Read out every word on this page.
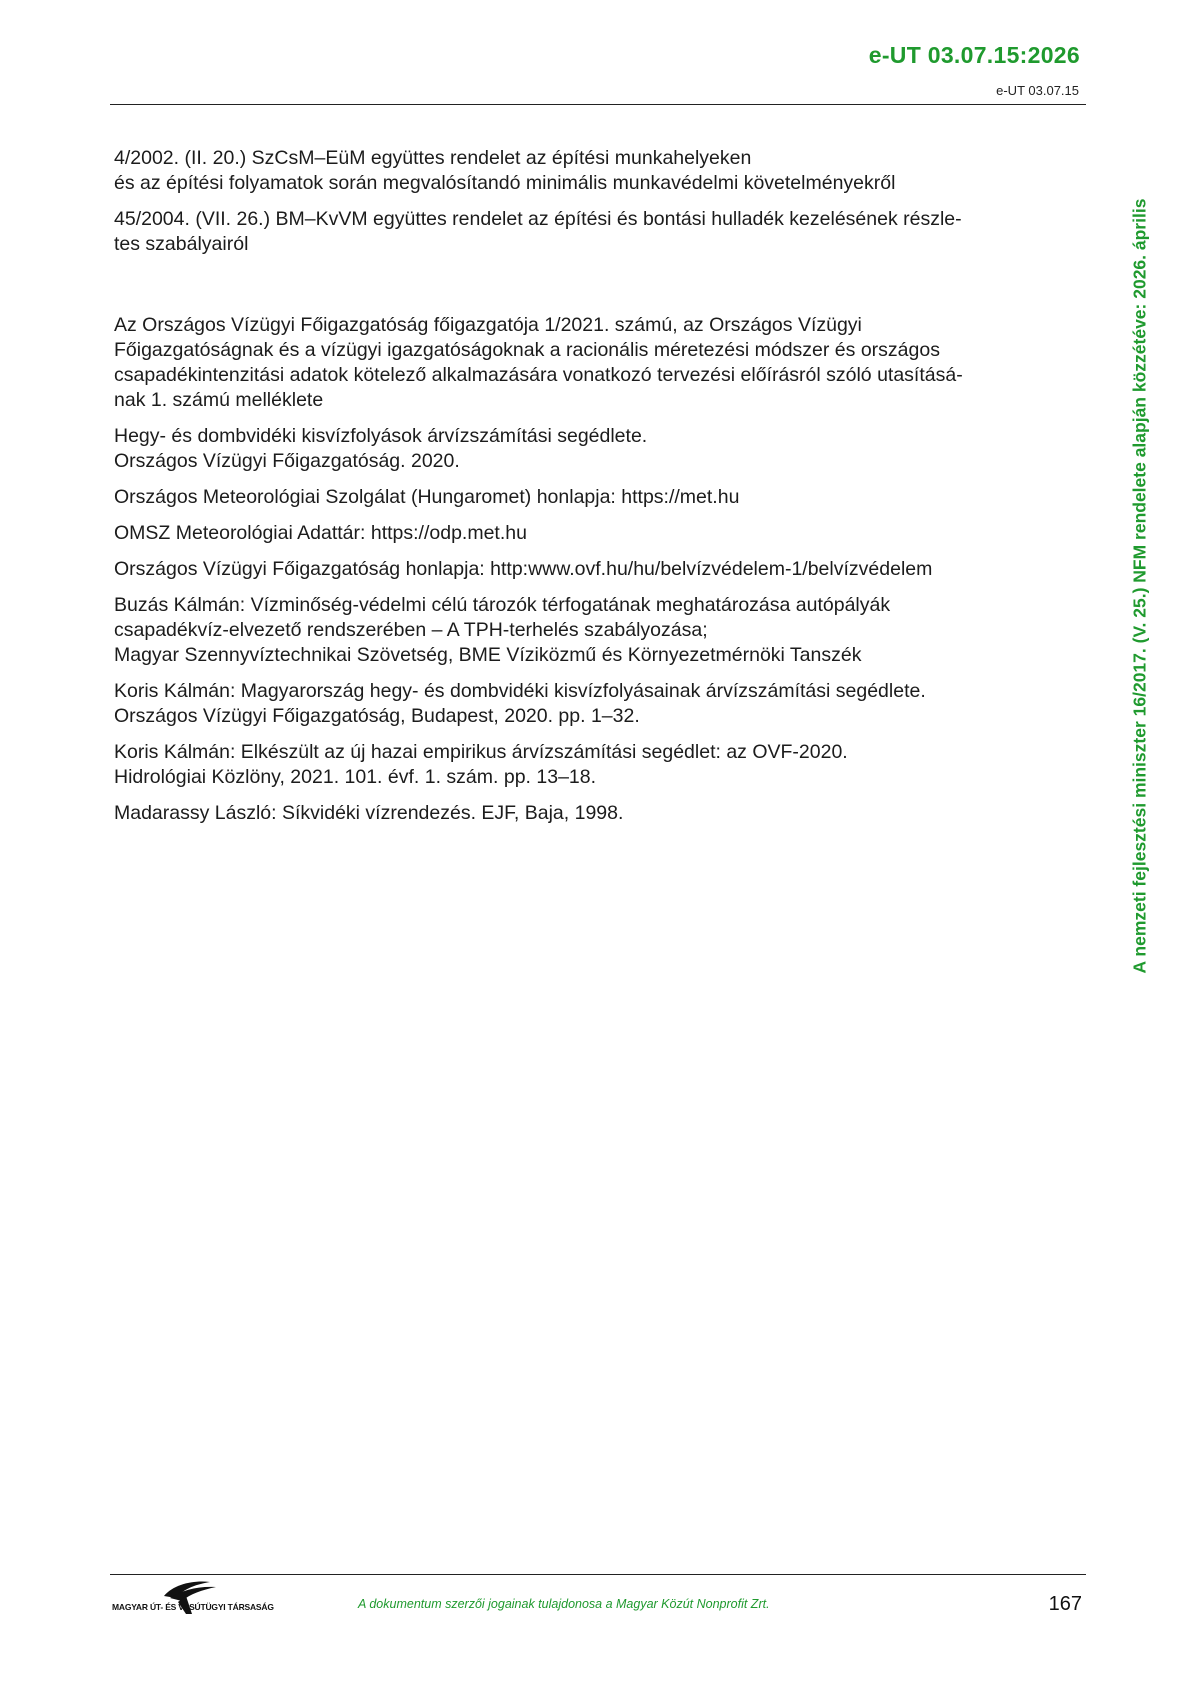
e-UT 03.07.15:2026
e-UT 03.07.15
4/2002. (II. 20.) SzCsM–EüM együttes rendelet az építési munkahelyeken
és az építési folyamatok során megvalósítandó minimális munkavédelmi követelményekről
45/2004. (VII. 26.) BM–KvVM együttes rendelet az építési és bontási hulladék kezelésének részle-
tes szabályairól
Az Országos Vízügyi Főigazgatóság főigazgatója 1/2021. számú, az Országos Vízügyi
Főigazgatóságnak és a vízügyi igazgatóságoknak a racionális méretezési módszer és országos
csapadékintenzitási adatok kötelező alkalmazására vonatkozó tervezési előírásról szóló utasításá-
nak 1. számú melléklete
Hegy- és dombvidéki kisvízfolyások árvízszámítási segédlete.
Országos Vízügyi Főigazgatóság. 2020.
Országos Meteorológiai Szolgálat (Hungaromet) honlapja: https://met.hu
OMSZ Meteorológiai Adattár: https://odp.met.hu
Országos Vízügyi Főigazgatóság honlapja: http:www.ovf.hu/hu/belvízvédelem-1/belvízvédelem
Buzás Kálmán: Vízminőség-védelmi célú tározók térfogatának meghatározása autópályák
csapadékvíz-elvezető rendszerében – A TPH-terhelés szabályozása;
Magyar Szennyvíztechnikai Szövetség, BME Víziközmű és Környezetmérnöki Tanszék
Koris Kálmán: Magyarország hegy- és dombvidéki kisvízfolyásainak árvízszámítási segédlete.
Országos Vízügyi Főigazgatóság, Budapest, 2020. pp. 1–32.
Koris Kálmán: Elkészült az új hazai empirikus árvízszámítási segédlet: az OVF-2020.
Hidrológiai Közlöny, 2021. 101. évf. 1. szám. pp. 13–18.
Madarassy László: Síkvidéki vízrendezés. EJF, Baja, 1998.	A nemzeti fejlesztési miniszter 16/2017. (V. 25.) NFM rendelete alapján közzétéve: 2026. április
MAGYAR ÚT- ÉS VASÚTÜGYI TÁRSASÁG	A dokumentum szerzői jogainak tulajdonosa a Magyar Közút Nonprofit Zrt.	167
